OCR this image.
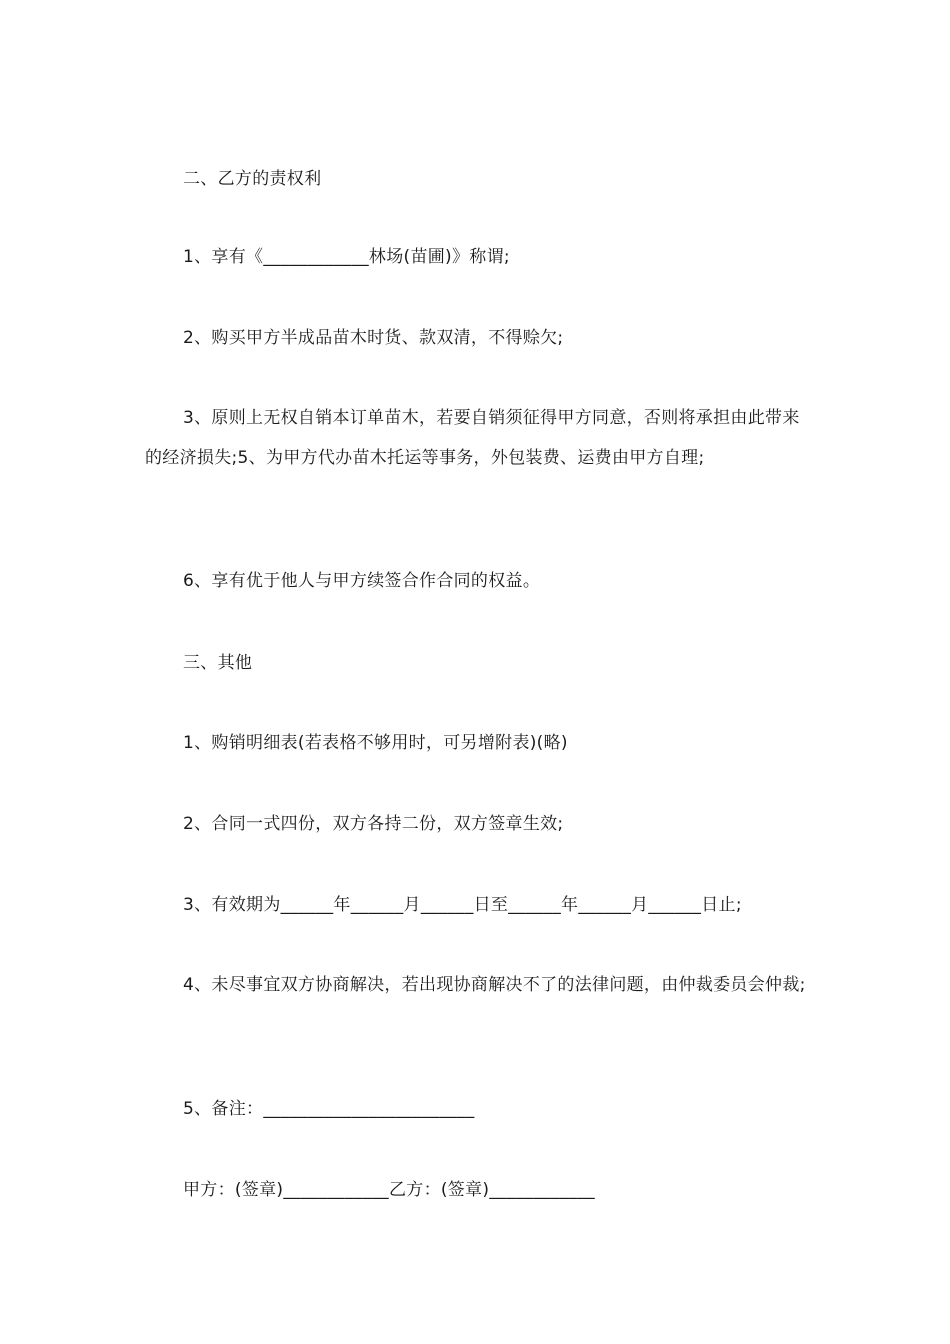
二、乙方的责权利

1、享有《____________林场(苗圃)》称谓;

2、购买甲方半成品苗木时货、款双清，不得赊欠;

3、原则上无权自销本订单苗木，若要自销须征得甲方同意，否则将承担由此带来的经济损失;5、为甲方代办苗木托运等事务，外包装费、运费由甲方自理;

6、享有优于他人与甲方续签合作合同的权益。

三、其他

1、购销明细表(若表格不够用时，可另增附表)(略)

2、合同一式四份，双方各持二份，双方签章生效;

3、有效期为______年______月______日至______年______月______日止;

4、未尽事宜双方协商解决，若出现协商解决不了的法律问题，由仲裁委员会仲裁;

5、备注：________________________

甲方：(签章)____________乙方：(签章)____________
